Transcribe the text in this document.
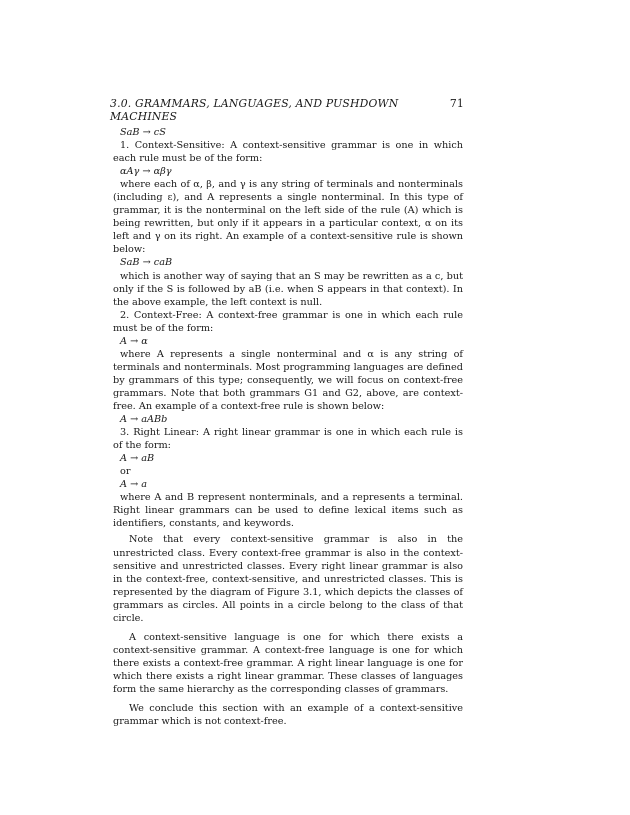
3.0. GRAMMARS, LANGUAGES, AND PUSHDOWN MACHINES
71

SaB → cS

1. Context-Sensitive: A context-sensitive grammar is one in which each rule must be of the form:

αAγ → αβγ

where each of α, β, and γ is any string of terminals and nonterminals (including ε), and A represents a single nonterminal. In this type of grammar, it is the nonterminal on the left side of the rule (A) which is being rewritten, but only if it appears in a particular context, α on its left and γ on its right. An example of a context-sensitive rule is shown below:

SaB → caB

which is another way of saying that an S may be rewritten as a c, but only if the S is followed by aB (i.e. when S appears in that context). In the above example, the left context is null.

2. Context-Free: A context-free grammar is one in which each rule must be of the form:

A → α

where A represents a single nonterminal and α is any string of terminals and nonterminals. Most programming languages are defined by grammars of this type; consequently, we will focus on context-free grammars. Note that both grammars G1 and G2, above, are context-free. An example of a context-free rule is shown below:

A → aABb

3. Right Linear: A right linear grammar is one in which each rule is of the form:

A → aB

or

A → a

where A and B represent nonterminals, and a represents a terminal. Right linear grammars can be used to define lexical items such as identifiers, constants, and keywords.

Note that every context-sensitive grammar is also in the unrestricted class. Every context-free grammar is also in the context-sensitive and unrestricted classes. Every right linear grammar is also in the context-free, context-sensitive, and unrestricted classes. This is represented by the diagram of Figure 3.1, which depicts the classes of grammars as circles. All points in a circle belong to the class of that circle.

A context-sensitive language is one for which there exists a context-sensitive grammar. A context-free language is one for which there exists a context-free grammar. A right linear language is one for which there exists a right linear grammar. These classes of languages form the same hierarchy as the corresponding classes of grammars.

We conclude this section with an example of a context-sensitive grammar which is not context-free.
